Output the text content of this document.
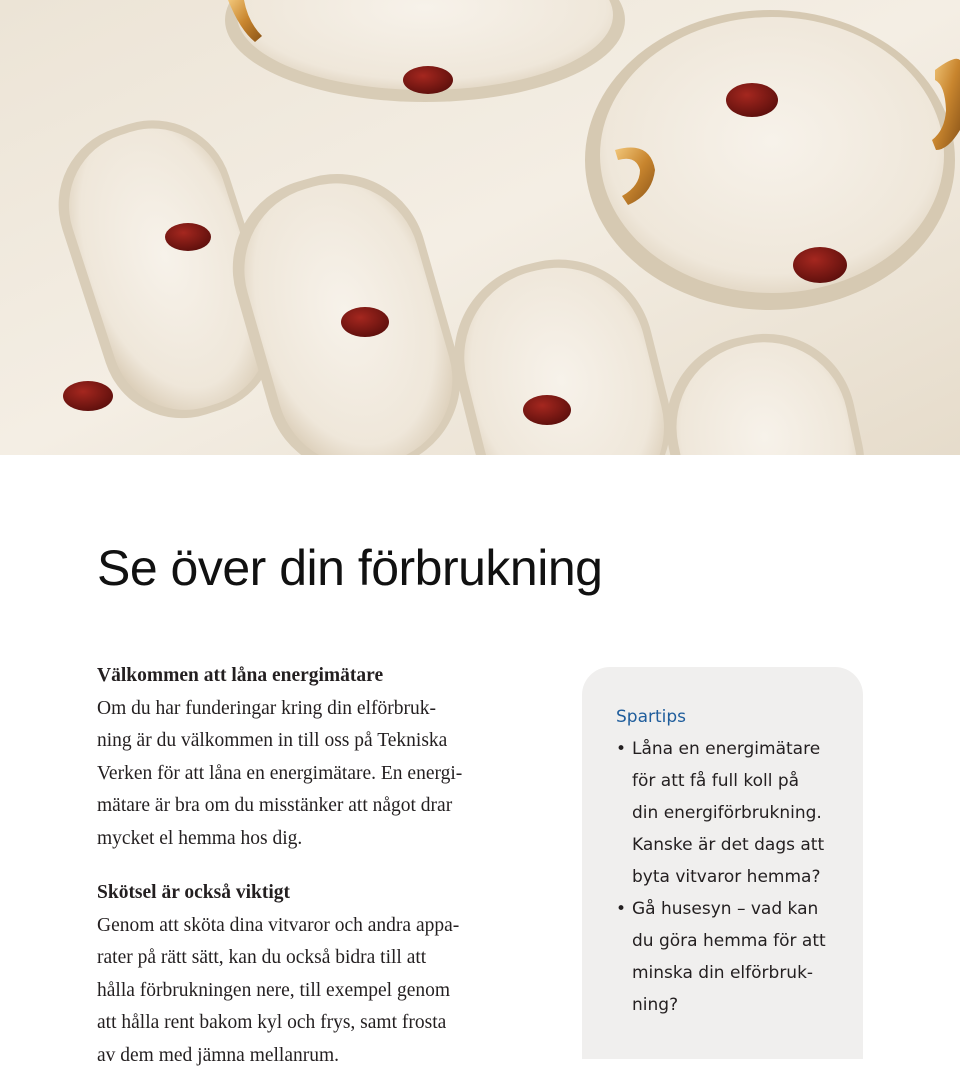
Se över din förbrukning
Välkommen att låna energimätare

Om du har funderingar kring din elförbruk-
ning är du välkommen in till oss på Tekniska
Verken för att låna en energimätare. En energi-
mätare är bra om du misstänker att något drar
mycket el hemma hos dig.

Skötsel är också viktigt

Genom att sköta dina vitvaror och andra appa-
rater på rätt sätt, kan du också bidra till att
hålla förbrukningen nere, till exempel genom
att hålla rent bakom kyl och frys, samt frosta
av dem med jämna mellanrum.

Spartips
• Låna en energimätare
för att få full koll på
din energiförbrukning.
Kanske är det dags att
byta vitvaror hemma?
• Gå husesyn – vad kan
du göra hemma för att
minska din elförbruk-
ning?
